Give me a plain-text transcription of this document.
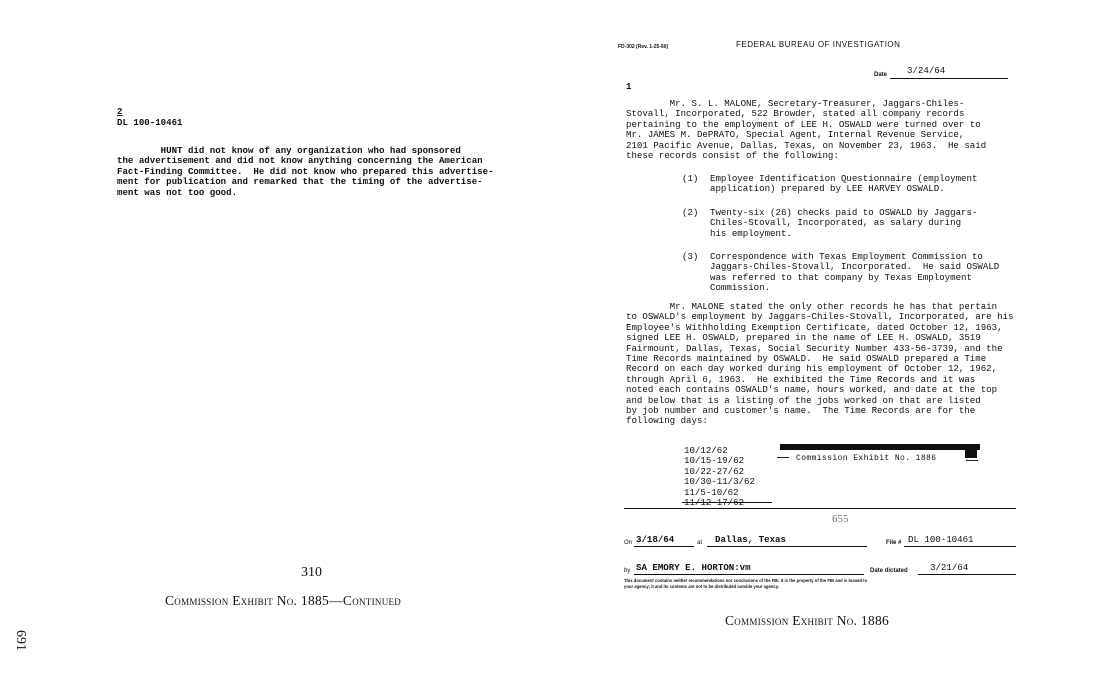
2
DL 100-10461
HUNT did not know of any organization who had sponsored
the advertisement and did not know anything concerning the American
Fact-Finding Committee.  He did not know who prepared this advertise-
ment for publication and remarked that the timing of the advertise-
ment was not too good.
310
Commission Exhibit No. 1885—Continued
691
FD-302 (Rev. 1-25-60)	FEDERAL BUREAU OF INVESTIGATION
Date 3/24/64
1
Mr. S. L. MALONE, Secretary-Treasurer, Jaggars-Chiles-
Stovall, Incorporated, 522 Browder, stated all company records
pertaining to the employment of LEE H. OSWALD were turned over to
Mr. JAMES M. DePRATO, Special Agent, Internal Revenue Service,
2101 Pacific Avenue, Dallas, Texas, on November 23, 1963.  He said
these records consist of the following:
(1) Employee Identification Questionnaire (employment
application) prepared by LEE HARVEY OSWALD.
(2) Twenty-six (26) checks paid to OSWALD by Jaggars-
Chiles-Stovall, Incorporated, as salary during
his employment.
(3) Correspondence with Texas Employment Commission to
Jaggars-Chiles-Stovall, Incorporated.  He said OSWALD
was referred to that company by Texas Employment
Commission.
Mr. MALONE stated the only other records he has that pertain
to OSWALD's employment by Jaggars-Chiles-Stovall, Incorporated, are his
Employee's Withholding Exemption Certificate, dated October 12, 1963,
signed LEE H. OSWALD, prepared in the name of LEE H. OSWALD, 3519
Fairmount, Dallas, Texas, Social Security Number 433-56-3739, and the
Time Records maintained by OSWALD.  He said OSWALD prepared a Time
Record on each day worked during his employment of October 12, 1962,
through April 6, 1963.  He exhibited the Time Records and it was
noted each contains OSWALD's name, hours worked, and date at the top
and below that is a listing of the jobs worked on that are listed
by job number and customer's name.  The Time Records are for the
following days:
10/12/62
10/15-19/62
10/22-27/62
10/30-11/3/62
11/5-10/62
11/12-17/62
Commission Exhibit No. 1886
655
On 3/18/64	at Dallas, Texas	File # DL 100-10461
by SA EMORY E. HORTON:vm	Date dictated 3/21/64
This document contains neither recommendations nor conclusions of the FBI. It is the property of the FBI and is loaned to
your agency; it and its contents are not to be distributed outside your agency.
Commission Exhibit No. 1886
